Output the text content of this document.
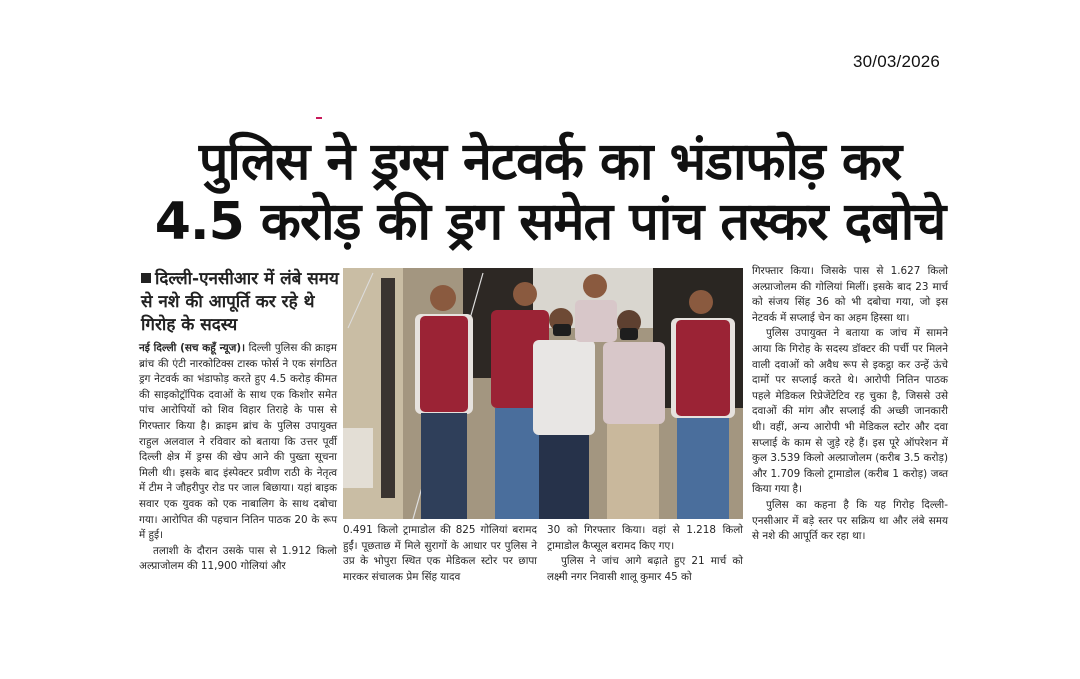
30/03/2026
पुलिस ने ड्रग्स नेटवर्क का भंडाफोड़ कर
4.5 करोड़ की ड्रग समेत पांच तस्कर दबोचे
दिल्ली-एनसीआर में लंबे समय से नशे की आपूर्ति कर रहे थे गिरोह के सदस्य

नई दिल्ली (सच कहूँ न्यूज)। दिल्ली पुलिस की क्राइम ब्रांच की एंटी नारकोटिक्स टास्क फोर्स ने एक संगठित ड्रग नेटवर्क का भंडाफोड़ करते हुए 4.5 करोड़ कीमत की साइकोट्रॉपिक दवाओं के साथ एक किशोर समेत पांच आरोपियों को शिव विहार तिराहे के पास से गिरफ्तार किया है। क्राइम ब्रांच के पुलिस उपायुक्त राहुल अलवाल ने रविवार को बताया कि उत्तर पूर्वी दिल्ली क्षेत्र में ड्रग्स की खेप आने की पुख्ता सूचना मिली थी। इसके बाद इंस्पेक्टर प्रवीण राठी के नेतृत्व में टीम ने जौहरीपुर रोड पर जाल बिछाया। यहां बाइक सवार एक युवक को एक नाबालिग के साथ दबोचा गया। आरोपित की पहचान नितिन पाठक 20 के रूप में हुई।

तलाशी के दौरान उसके पास से 1.912 किलो अल्प्राजोलम की 11,900 गोलियां और

0.491 किलो ट्रामाडोल की 825 गोलियां बरामद हुईं। पूछताछ में मिले सुरागों के आधार पर पुलिस ने उप्र के भोपुरा स्थित एक मेडिकल स्टोर पर छापा मारकर संचालक प्रेम सिंह यादव

30 को गिरफ्तार किया। वहां से 1.218 किलो ट्रामाडोल कैप्सूल बरामद किए गए।

पुलिस ने जांच आगे बढ़ाते हुए 21 मार्च को लक्ष्मी नगर निवासी शालू कुमार 45 को

गिरफ्तार किया। जिसके पास से 1.627 किलो अल्प्राजोलम की गोलियां मिलीं। इसके बाद 23 मार्च को संजय सिंह 36 को भी दबोचा गया, जो इस नेटवर्क में सप्लाई चेन का अहम हिस्सा था।

पुलिस उपायुक्त ने बताया क जांच में सामने आया कि गिरोह के सदस्य डॉक्टर की पर्ची पर मिलने वाली दवाओं को अवैध रूप से इकट्ठा कर उन्हें ऊंचे दामों पर सप्लाई करते थे। आरोपी नितिन पाठक पहले मेडिकल रिप्रेजेंटेटिव रह चुका है, जिससे उसे दवाओं की मांग और सप्लाई की अच्छी जानकारी थी। वहीं, अन्य आरोपी भी मेडिकल स्टोर और दवा सप्लाई के काम से जुड़े रहे हैं। इस पूरे ऑपरेशन में कुल 3.539 किलो अल्प्राजोलम (करीब 3.5 करोड़) और 1.709 किलो ट्रामाडोल (करीब 1 करोड़) जब्त किया गया है।

पुलिस का कहना है कि यह गिरोह दिल्ली-एनसीआर में बड़े स्तर पर सक्रिय था और लंबे समय से नशे की आपूर्ति कर रहा था।
